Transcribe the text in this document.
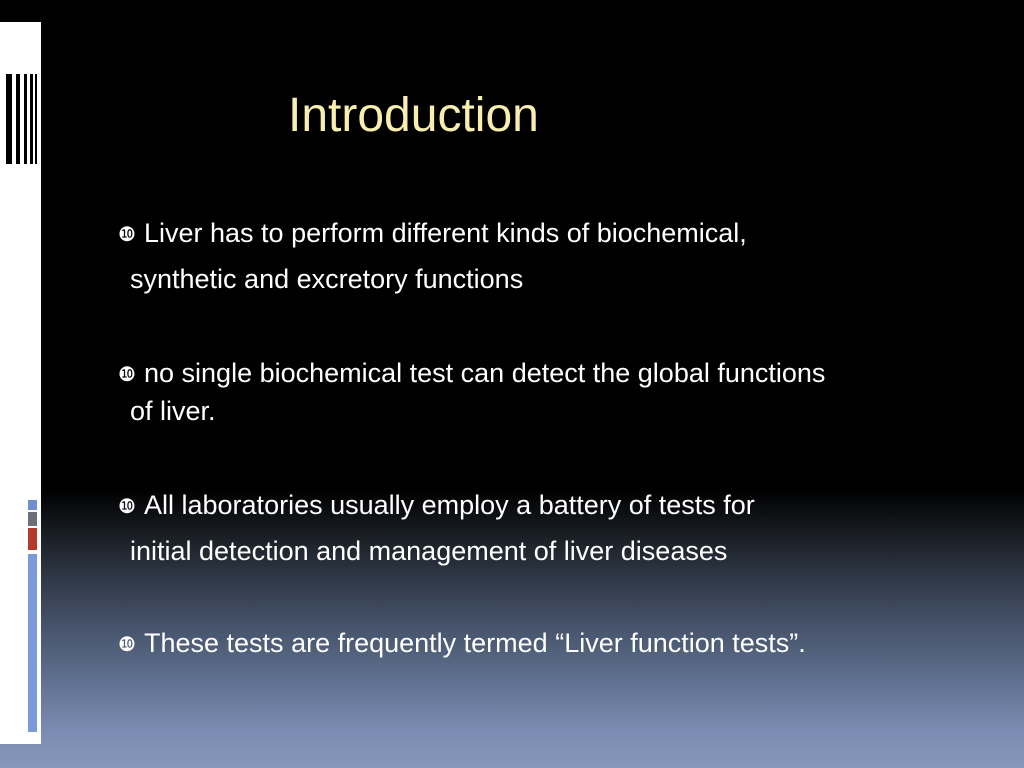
Introduction
❿ Liver has to perform different kinds of biochemical,
synthetic and excretory functions
❿ no single biochemical test can detect the global functions
of liver.
❿ All laboratories usually employ a battery of tests for
initial detection and management of liver diseases
❿ These tests are frequently termed “Liver function tests”.
